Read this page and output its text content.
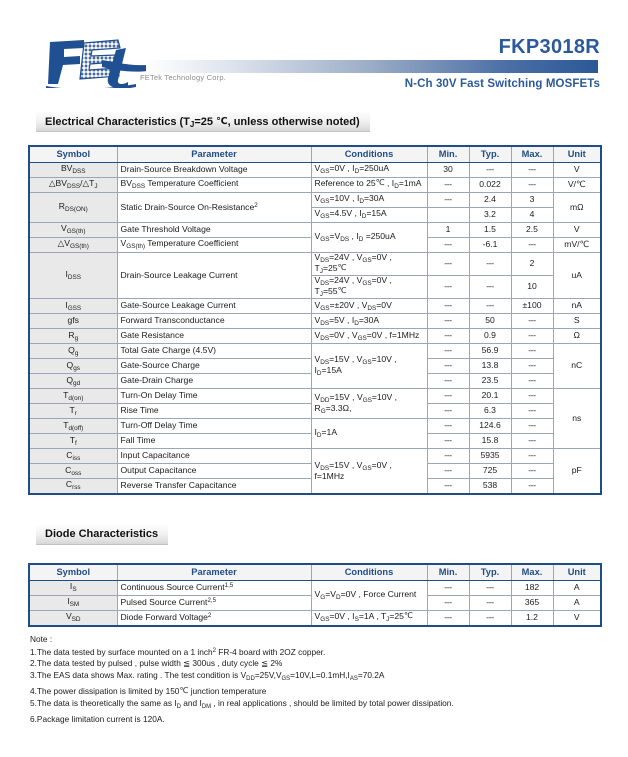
FETek Technology Corp.
FKP3018R
N-Ch 30V Fast Switching MOSFETs
Electrical Characteristics ($T_J=25$ ℃, unless otherwise noted)
Symbol	Parameter	Conditions	Min.	Typ.	Max.	Unit
$BV_{DSS}$	Drain-Source Breakdown Voltage	$V_{GS}=0V$ , $I_D=250uA$	30	---	---	V
$\triangle BV_{DSS}/\triangle T_J$	$BV_{DSS}$ Temperature Coefficient	Reference to 25℃ , $I_D=1mA$	---	0.022	---	V/℃
$R_{DS(ON)}$	Static Drain-Source On-Resistance$^2$	$V_{GS}=10V$ , $I_D=30A$	---	2.4	3	mΩ
		$V_{GS}=4.5V$ , $I_D=15A$		3.2	4	
$V_{GS(th)}$	Gate Threshold Voltage	$V_{GS}=V_{DS}$ , $I_D =250uA$	1	1.5	2.5	V
$\triangle V_{GS(th)}$	$V_{GS(th)}$ Temperature Coefficient		---	-6.1	---	mV/℃
$I_{DSS}$	Drain-Source Leakage Current	$V_{DS}=24V$ , $V_{GS}=0V$ , $T_J=25℃$	---	---	2	uA
		$V_{DS}=24V$ , $V_{GS}=0V$ , $T_J=55℃$	---	---	10	
$I_{GSS}$	Gate-Source Leakage Current	$V_{GS}=\pm 20V$ , $V_{DS}=0V$	---	---	±100	nA
gfs	Forward Transconductance	$V_{DS}=5V$ , $I_D=30A$	---	50	---	S
$R_g$	Gate Resistance	$V_{DS}=0V$ , $V_{GS}=0V$ , f=1MHz	---	0.9	---	Ω
$Q_g$	Total Gate Charge (4.5V)	$V_{DS}=15V$ , $V_{GS}=10V$ , $I_D=15A$	---	56.9	---	nC
$Q_{gs}$	Gate-Source Charge		---	13.8	---	
$Q_{gd}$	Gate-Drain Charge		---	23.5	---	
$T_{d(on)}$	Turn-On Delay Time	$V_{DD}=15V$ , $V_{GS}=10V$ , $R_G=3.3\Omega$,	---	20.1	---	ns
$T_r$	Rise Time		---	6.3	---	
$T_{d(off)}$	Turn-Off Delay Time	$I_D=1A$	---	124.6	---	
$T_f$	Fall Time		---	15.8	---	
$C_{iss}$	Input Capacitance	$V_{DS}=15V$ , $V_{GS}=0V$ , f=1MHz	---	5935	---	pF
$C_{oss}$	Output Capacitance		---	725	---	
$C_{rss}$	Reverse Transfer Capacitance		---	538	---	
Diode Characteristics
Symbol	Parameter	Conditions	Min.	Typ.	Max.	Unit
$I_S$	Continuous Source Current$^{1,5}$	$V_G=V_D=0V$ , Force Current	---	---	182	A
$I_{SM}$	Pulsed Source Current$^{2,5}$		---	---	365	A
$V_{SD}$	Diode Forward Voltage$^2$	$V_{GS}=0V$ , $I_S=1A$ , $T_J=25℃$	---	---	1.2	V
Note :
1.The data tested by surface mounted on a 1 inch$^2$ FR-4 board with 2OZ copper.
2.The data tested by pulsed , pulse width ≦ 300us , duty cycle ≦ 2%
3.The EAS data shows Max. rating . The test condition is $V_{DD}=25V,V_{GS}=10V,L=0.1mH,I_{AS}=70.2A$
4.The power dissipation is limited by 150℃ junction temperature
5.The data is theoretically the same as $I_D$ and $I_{DM}$ , in real applications , should be limited by total power dissipation.
6.Package limitation current is 120A.
